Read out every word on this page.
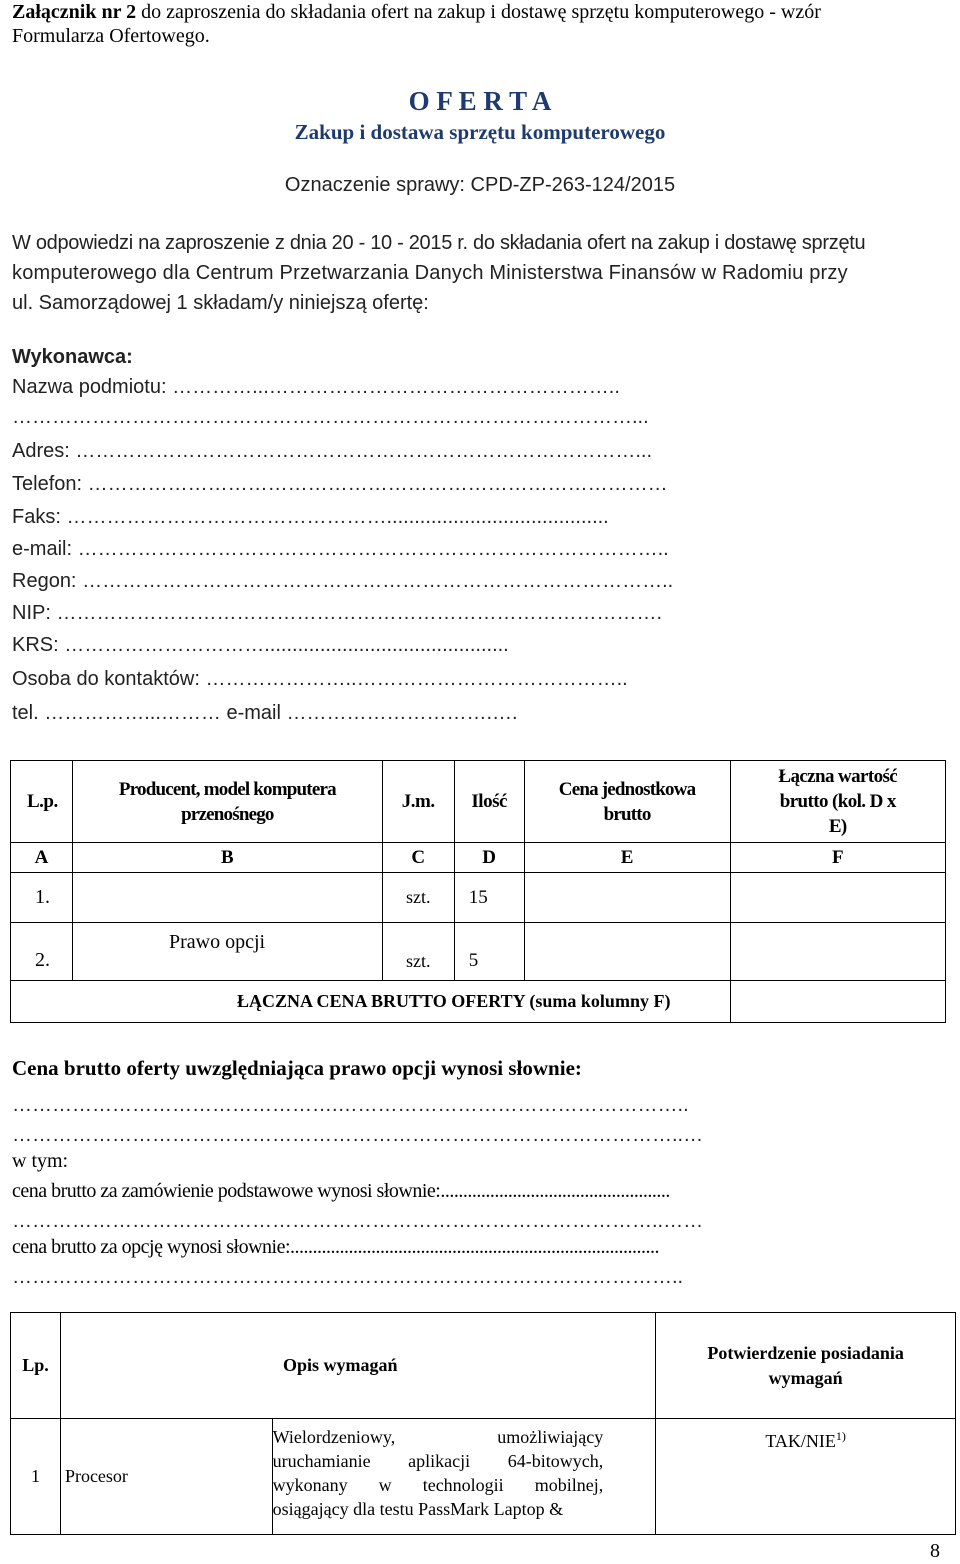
Załącznik nr 2 do zaproszenia do składania ofert na zakup i dostawę sprzętu komputerowego - wzór
Formularza Ofertowego.
O F E R T A
Zakup i dostawa sprzętu komputerowego
Oznaczenie sprawy: CPD-ZP-263-124/2015
W odpowiedzi na zaproszenie z dnia 20 - 10 - 2015 r. do składania ofert na zakup i dostawę sprzętu
komputerowego dla Centrum Przetwarzania Danych Ministerstwa Finansów w Radomiu przy
ul. Samorządowej 1 składam/y niniejszą ofertę:
Wykonawca:
Nazwa podmiotu: …………...……………………………………………..
…………………………………………………………………………………...
Adres: …………………………………………………………………………...
Telefon: ……………………………………………………………………………
Faks: …………………………………………........................................
e-mail: ……………………………………………………………………………..
Regon: ……………………………………………………………………………..
NIP: ……………………………………………………………………………….
KRS: …………………………............................................
Osoba do kontaktów: …………………..…………………………………..
tel. ……………...……… e-mail ………………………….….
L.p.	Producent, model komputera przenośnego	J.m.	Ilość	Cena jednostkowa brutto	Łączna wartość brutto (kol. D x E)
A	B	C	D	E	F
1.		szt.	15		
2.	Prawo opcji	szt.	5		
ŁĄCZNA CENA BRUTTO OFERTY (suma kolumny F)					
Cena brutto oferty uwzględniająca prawo opcji wynosi słownie:
………………………………………….……………………………………………..
………………………………………………………………………………………..…
w tym:
cena brutto za zamówienie podstawowe wynosi słownie:...................................................
……………………………………………………………………………………..……
cena brutto za opcję wynosi słownie:..................................................................................
………………………………………………………………………………………..
Lp.	Opis wymagań		Potwierdzenie posiadania wymagań
1	Procesor	Wielordzeniowy, umożliwiający uruchamianie aplikacji 64-bitowych, wykonany w technologii mobilnej, osiągający dla testu PassMark Laptop &	TAK/NIE$^{1)}$
8
